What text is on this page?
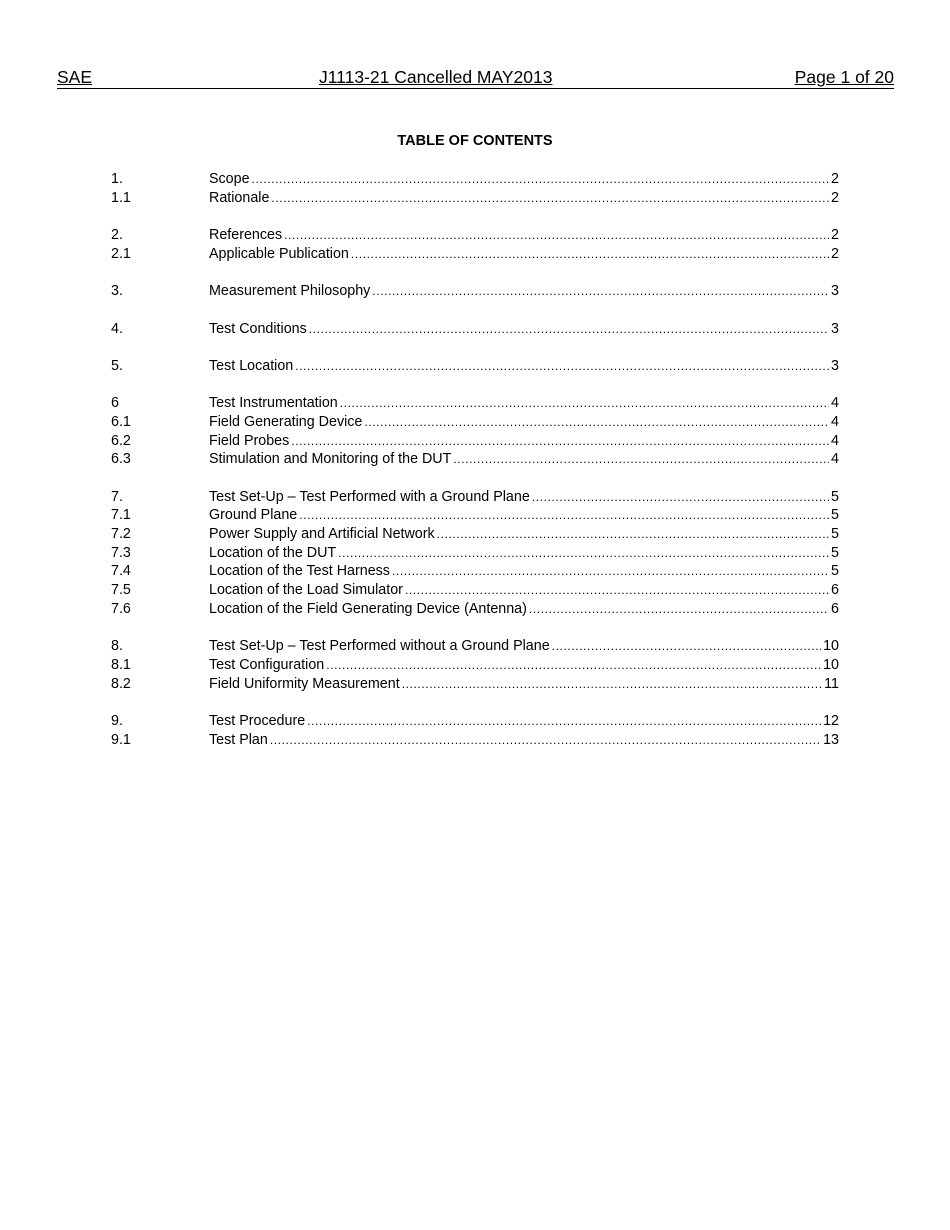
SAE	J1113-21 Cancelled MAY2013	Page 1 of 20
TABLE OF CONTENTS
1.	Scope .....	2
1.1	Rationale .....	2
2.	References .....	2
2.1	Applicable Publication .....	2
3.	Measurement Philosophy .....	3
4.	Test Conditions .....	3
5.	Test Location .....	3
6	Test Instrumentation .....	4
6.1	Field Generating Device .....	4
6.2	Field Probes .....	4
6.3	Stimulation and Monitoring of the DUT .....	4
7.	Test Set-Up – Test Performed with a Ground Plane .....	5
7.1	Ground Plane .....	5
7.2	Power Supply and Artificial Network .....	5
7.3	Location of the DUT .....	5
7.4	Location of the Test Harness .....	5
7.5	Location of the Load Simulator .....	6
7.6	Location of the Field Generating Device (Antenna) .....	6
8.	Test Set-Up – Test Performed without a Ground Plane .....	10
8.1	Test Configuration .....	10
8.2	Field Uniformity Measurement .....	11
9.	Test Procedure .....	12
9.1	Test Plan .....	13
